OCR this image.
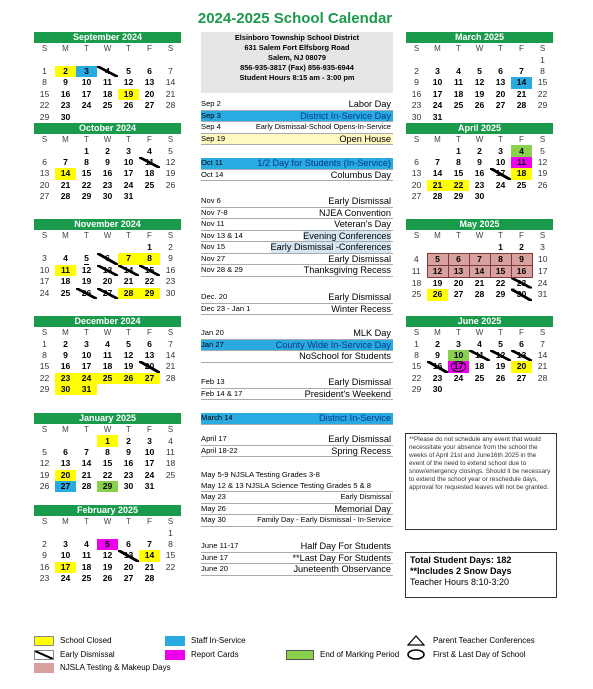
2024-2025 School Calendar
Elsinboro Township School District
631 Salem Fort Elfsborg Road
Salem, NJ 08079
856-935-3817 (Fax) 856-935-6944
Student Hours 8:15 am - 3:00 pm
September 2024
S	M	T	W	T	F	S

1	2	3	4	5	6	7
8	9	10	11	12	13	14
15	16	17	18	19	20	21
22	23	24	25	26	27	28
29	30					
October 2024
S	M	T	W	T	F	S
		1	2	3	4	5
6	7	8	9	10	11	12
13	14	15	16	17	18	19
20	21	22	23	24	25	26
27	28	29	30	31		
November 2024
S	M	T	W	T	F	S
					1	2
3	4	5	6	7	8	9
10	11	12	13	14	15	16
17	18	19	20	21	22	23
24	25	26	27	28	29	30
December 2024
S	M	T	W	T	F	S
1	2	3	4	5	6	7
8	9	10	11	12	13	14
15	16	17	18	19	20	21
22	23	24	25	26	27	28
29	30	31				
January 2025
S	M	T	W	T	F	S
			1	2	3	4
5	6	7	8	9	10	11
12	13	14	15	16	17	18
19	20	21	22	23	24	25
26	27	28	29	30	31	
February 2025
S	M	T	W	T	F	S
						1
2	3	4	5	6	7	8
9	10	11	12	13	14	15
16	17	18	19	20	21	22
23	24	25	26	27	28	
March 2025
S	M	T	W	T	F	S
						1
2	3	4	5	6	7	8
9	10	11	12	13	14	15
16	17	18	19	20	21	22
23	24	25	26	27	28	29
30	31					
April 2025
S	M	T	W	T	F	S
		1	2	3	4	5
6	7	8	9	10	11	12
13	14	15	16	17	18	19
20	21	22	23	24	25	26
27	28	29	30			
May 2025
S	M	T	W	T	F	S
				1	2	3
4	5	6	7	8	9	10
11	12	13	14	15	16	17
18	19	20	21	22	23	24
25	26	27	28	29	30	31
June 2025
S	M	T	W	T	F	S
1	2	3	4	5	6	7
8	9	10	11	12	13	14
15	16	17	18	19	20	21
22	23	24	25	26	27	28
29	30					
Sep 2	Labor Day
Sep 3	District In-Service Day
Sep 4	Early Dismissal-School Opens-In-Service
Sep 19	Open House
Oct 11	1/2 Day for Students (In-Service)
Oct 14	Columbus Day
Nov 6	Early Dismissal
Nov 7-8	NJEA Convention
Nov 11	Veteran's Day
Nov 13 & 14	Evening Conferences
Nov 15	Early Dismissal -Conferences
Nov 27	Early Dismissal
Nov 28 & 29	Thanksgiving Recess
Dec. 20	Early Dismissal
Dec 23 - Jan 1	Winter Recess
Jan 20	MLK Day
Jan 27	County Wide In-Service Day
NoSchool for Students
Feb 13	Early Dismissal
Feb 14 & 17	President's Weekend
March 14	District In-Service
April 17	Early Dismissal
April 18-22	Spring Recess
May 5-9 NJSLA Testing Grades 3-8
May 12 & 13 NJSLA Science Testing Grades 5 & 8
May 23	Early Dismissal
May 26	Memorial Day
May 30	Family Day - Early Dismissal - In-Service
June 11-17	Half Day For Students
June 17	**Last Day For Students
June 20	Juneteenth Observance
**Please do not schedule any event that would necessitate your absence from the school the weeks of April 21st and June16th 2025 in the event of the need to extend school due to snow/emergency closings. Should it be necessary to extend the school year or reschedule days, approval for requested leaves will not be granted.
Total Student Days: 182
**Includes 2 Snow Days
Teacher Hours 8:10-3:20
School Closed
Early Dismissal
NJSLA Testing & Makeup Days
Staff In-Service
Report Cards	End of Marking Period
Parent Teacher Conferences
First & Last Day of School
